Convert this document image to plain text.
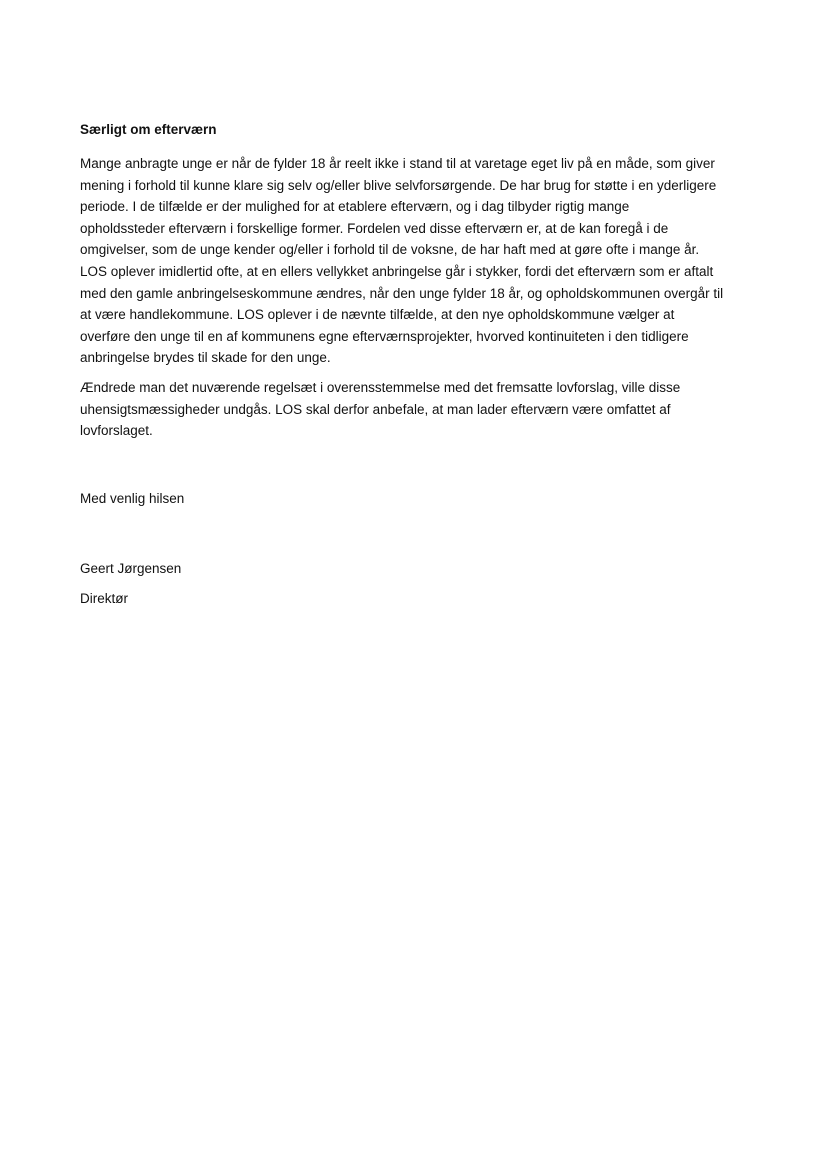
Særligt om efterværn
Mange anbragte unge er når de fylder 18 år reelt ikke i stand til at varetage eget liv på en måde, som giver
mening i forhold til kunne klare sig selv og/eller blive selvforsørgende. De har brug for støtte i en yderligere
periode. I de tilfælde er der mulighed for at etablere efterværn, og i dag tilbyder rigtig mange
opholdssteder efterværn i forskellige former. Fordelen ved disse efterværn er, at de kan foregå i de
omgivelser, som de unge kender og/eller i forhold til de voksne, de har haft med at gøre ofte i mange år.
LOS oplever imidlertid ofte, at en ellers vellykket anbringelse går i stykker, fordi det efterværn som er aftalt
med den gamle anbringelseskommune ændres, når den unge fylder 18 år, og opholdskommunen overgår til
at være handlekommune. LOS oplever i de nævnte tilfælde, at den nye opholdskommune vælger at
overføre den unge til en af kommunens egne efterværnsprojekter, hvorved kontinuiteten i den tidligere
anbringelse brydes til skade for den unge.
Ændrede man det nuværende regelsæt i overensstemmelse med det fremsatte lovforslag, ville disse
uhensigtsmæssigheder undgås. LOS skal derfor anbefale, at man lader efterværn være omfattet af
lovforslaget.
Med venlig hilsen
Geert Jørgensen
Direktør
